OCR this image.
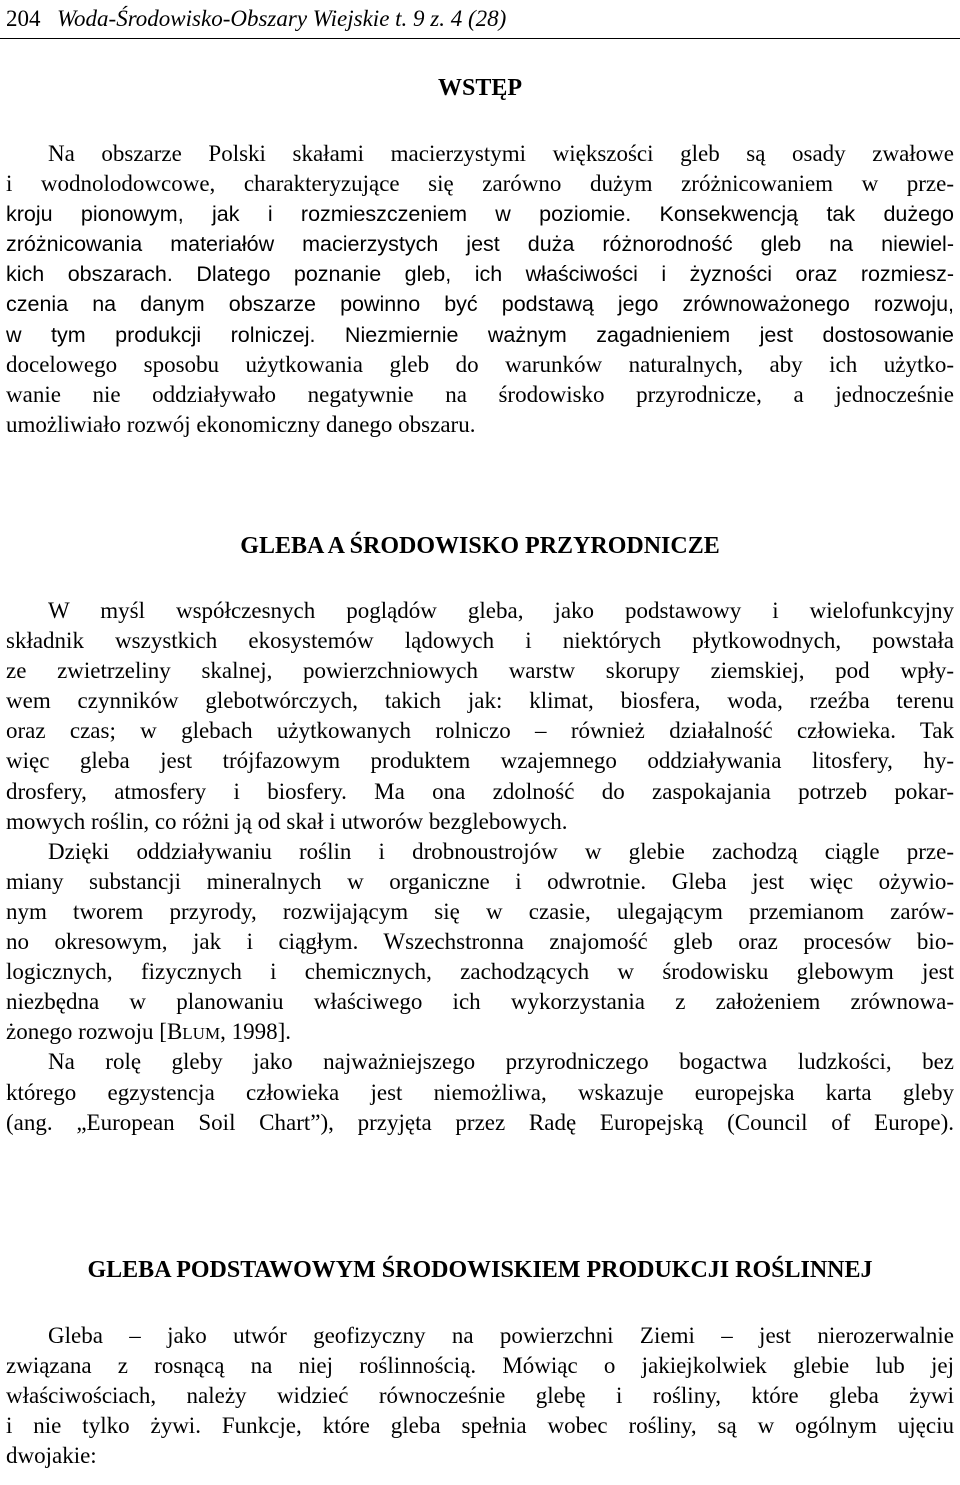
204 Woda-Środowisko-Obszary Wiejskie t. 9 z. 4 (28)
WSTĘP
Na obszarze Polski skałami macierzystymi większości gleb są osady zwałowe
i wodnolodowcowe, charakteryzujące się zarówno dużym zróżnicowaniem w prze-
kroju pionowym, jak i rozmieszczeniem w poziomie. Konsekwencją tak dużego
zróżnicowania materiałów macierzystych jest duża różnorodność gleb na niewiel-
kich obszarach. Dlatego poznanie gleb, ich właściwości i żyzności oraz rozmiesz-
czenia na danym obszarze powinno być podstawą jego zrównoważonego rozwoju,
w tym produkcji rolniczej. Niezmiernie ważnym zagadnieniem jest dostosowanie
docelowego sposobu użytkowania gleb do warunków naturalnych, aby ich użytko-
wanie nie oddziaływało negatywnie na środowisko przyrodnicze, a jednocześnie
umożliwiało rozwój ekonomiczny danego obszaru.
GLEBA A ŚRODOWISKO PRZYRODNICZE
W myśl współczesnych poglądów gleba, jako podstawowy i wielofunkcyjny
składnik wszystkich ekosystemów lądowych i niektórych płytkowodnych, powstała
ze zwietrzeliny skalnej, powierzchniowych warstw skorupy ziemskiej, pod wpły-
wem czynników glebotwórczych, takich jak: klimat, biosfera, woda, rzeźba terenu
oraz czas; w glebach użytkowanych rolniczo – również działalność człowieka. Tak
więc gleba jest trójfazowym produktem wzajemnego oddziaływania litosfery, hy-
drosfery, atmosfery i biosfery. Ma ona zdolność do zaspokajania potrzeb pokar-
mowych roślin, co różni ją od skał i utworów bezglebowych.
Dzięki oddziaływaniu roślin i drobnoustrojów w glebie zachodzą ciągle prze-
miany substancji mineralnych w organiczne i odwrotnie. Gleba jest więc ożywio-
nym tworem przyrody, rozwijającym się w czasie, ulegającym przemianom zarów-
no okresowym, jak i ciągłym. Wszechstronna znajomość gleb oraz procesów bio-
logicznych, fizycznych i chemicznych, zachodzących w środowisku glebowym jest
niezbędna w planowaniu właściwego ich wykorzystania z założeniem zrównowa-
żonego rozwoju [BLUM, 1998].
Na rolę gleby jako najważniejszego przyrodniczego bogactwa ludzkości, bez
którego egzystencja człowieka jest niemożliwa, wskazuje europejska karta gleby
(ang. „European Soil Chart”), przyjęta przez Radę Europejską (Council of Europe).
GLEBA PODSTAWOWYM ŚRODOWISKIEM PRODUKCJI ROŚLINNEJ
Gleba – jako utwór geofizyczny na powierzchni Ziemi – jest nierozerwalnie
związana z rosnącą na niej roślinnością. Mówiąc o jakiejkolwiek glebie lub jej
właściwościach, należy widzieć równocześnie glebę i rośliny, które gleba żywi
i nie tylko żywi. Funkcje, które gleba spełnia wobec rośliny, są w ogólnym ujęciu
dwojakie:
